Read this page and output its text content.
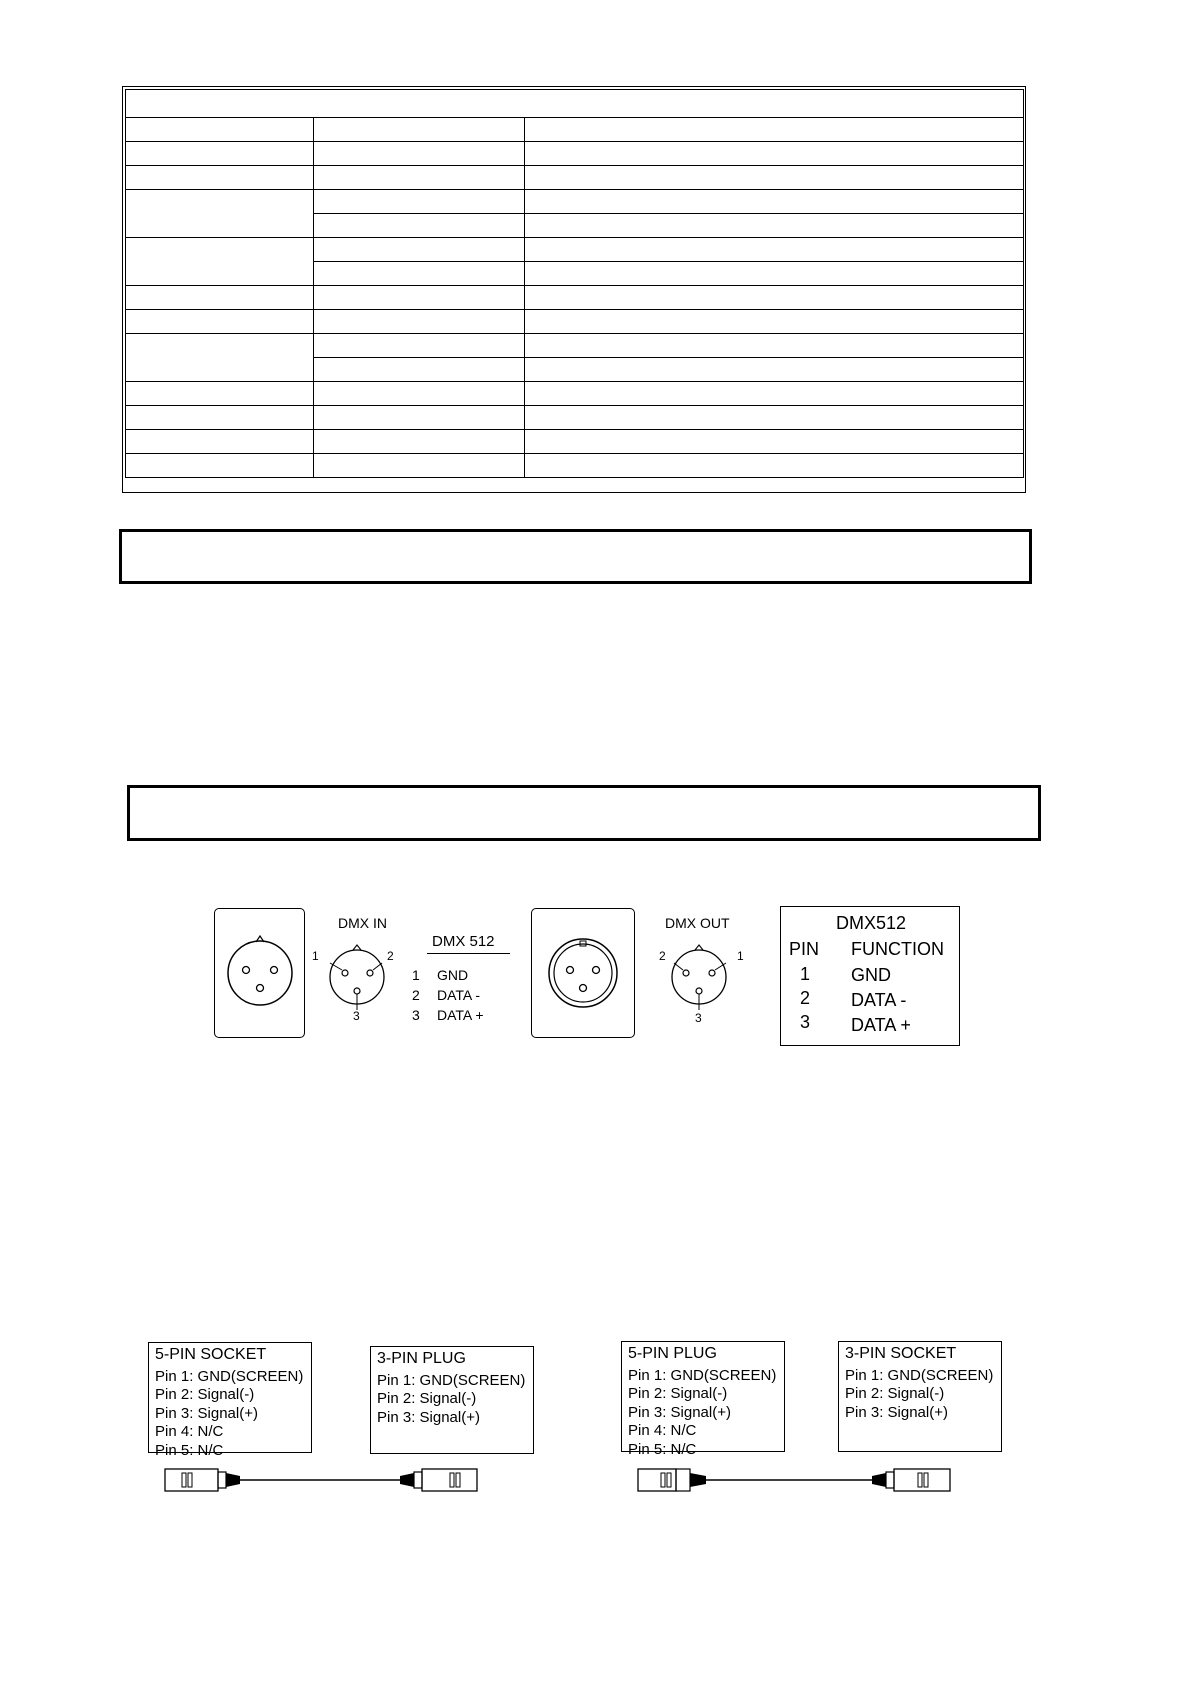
DMX IN
1	2
3
DMX 512
1 GND
2 DATA -
3 DATA +
DMX OUT
2	1
3
DMX512
PIN FUNCTION
1 GND
2 DATA -
3 DATA +
5-PIN SOCKET
Pin 1: GND(SCREEN)
Pin 2: Signal(-)
Pin 3: Signal(+)
Pin 4: N/C
Pin 5: N/C
3-PIN PLUG
Pin 1: GND(SCREEN)
Pin 2: Signal(-)
Pin 3: Signal(+)
5-PIN PLUG
Pin 1: GND(SCREEN)
Pin 2: Signal(-)
Pin 3: Signal(+)
Pin 4: N/C
Pin 5: N/C
3-PIN SOCKET
Pin 1: GND(SCREEN)
Pin 2: Signal(-)
Pin 3: Signal(+)
